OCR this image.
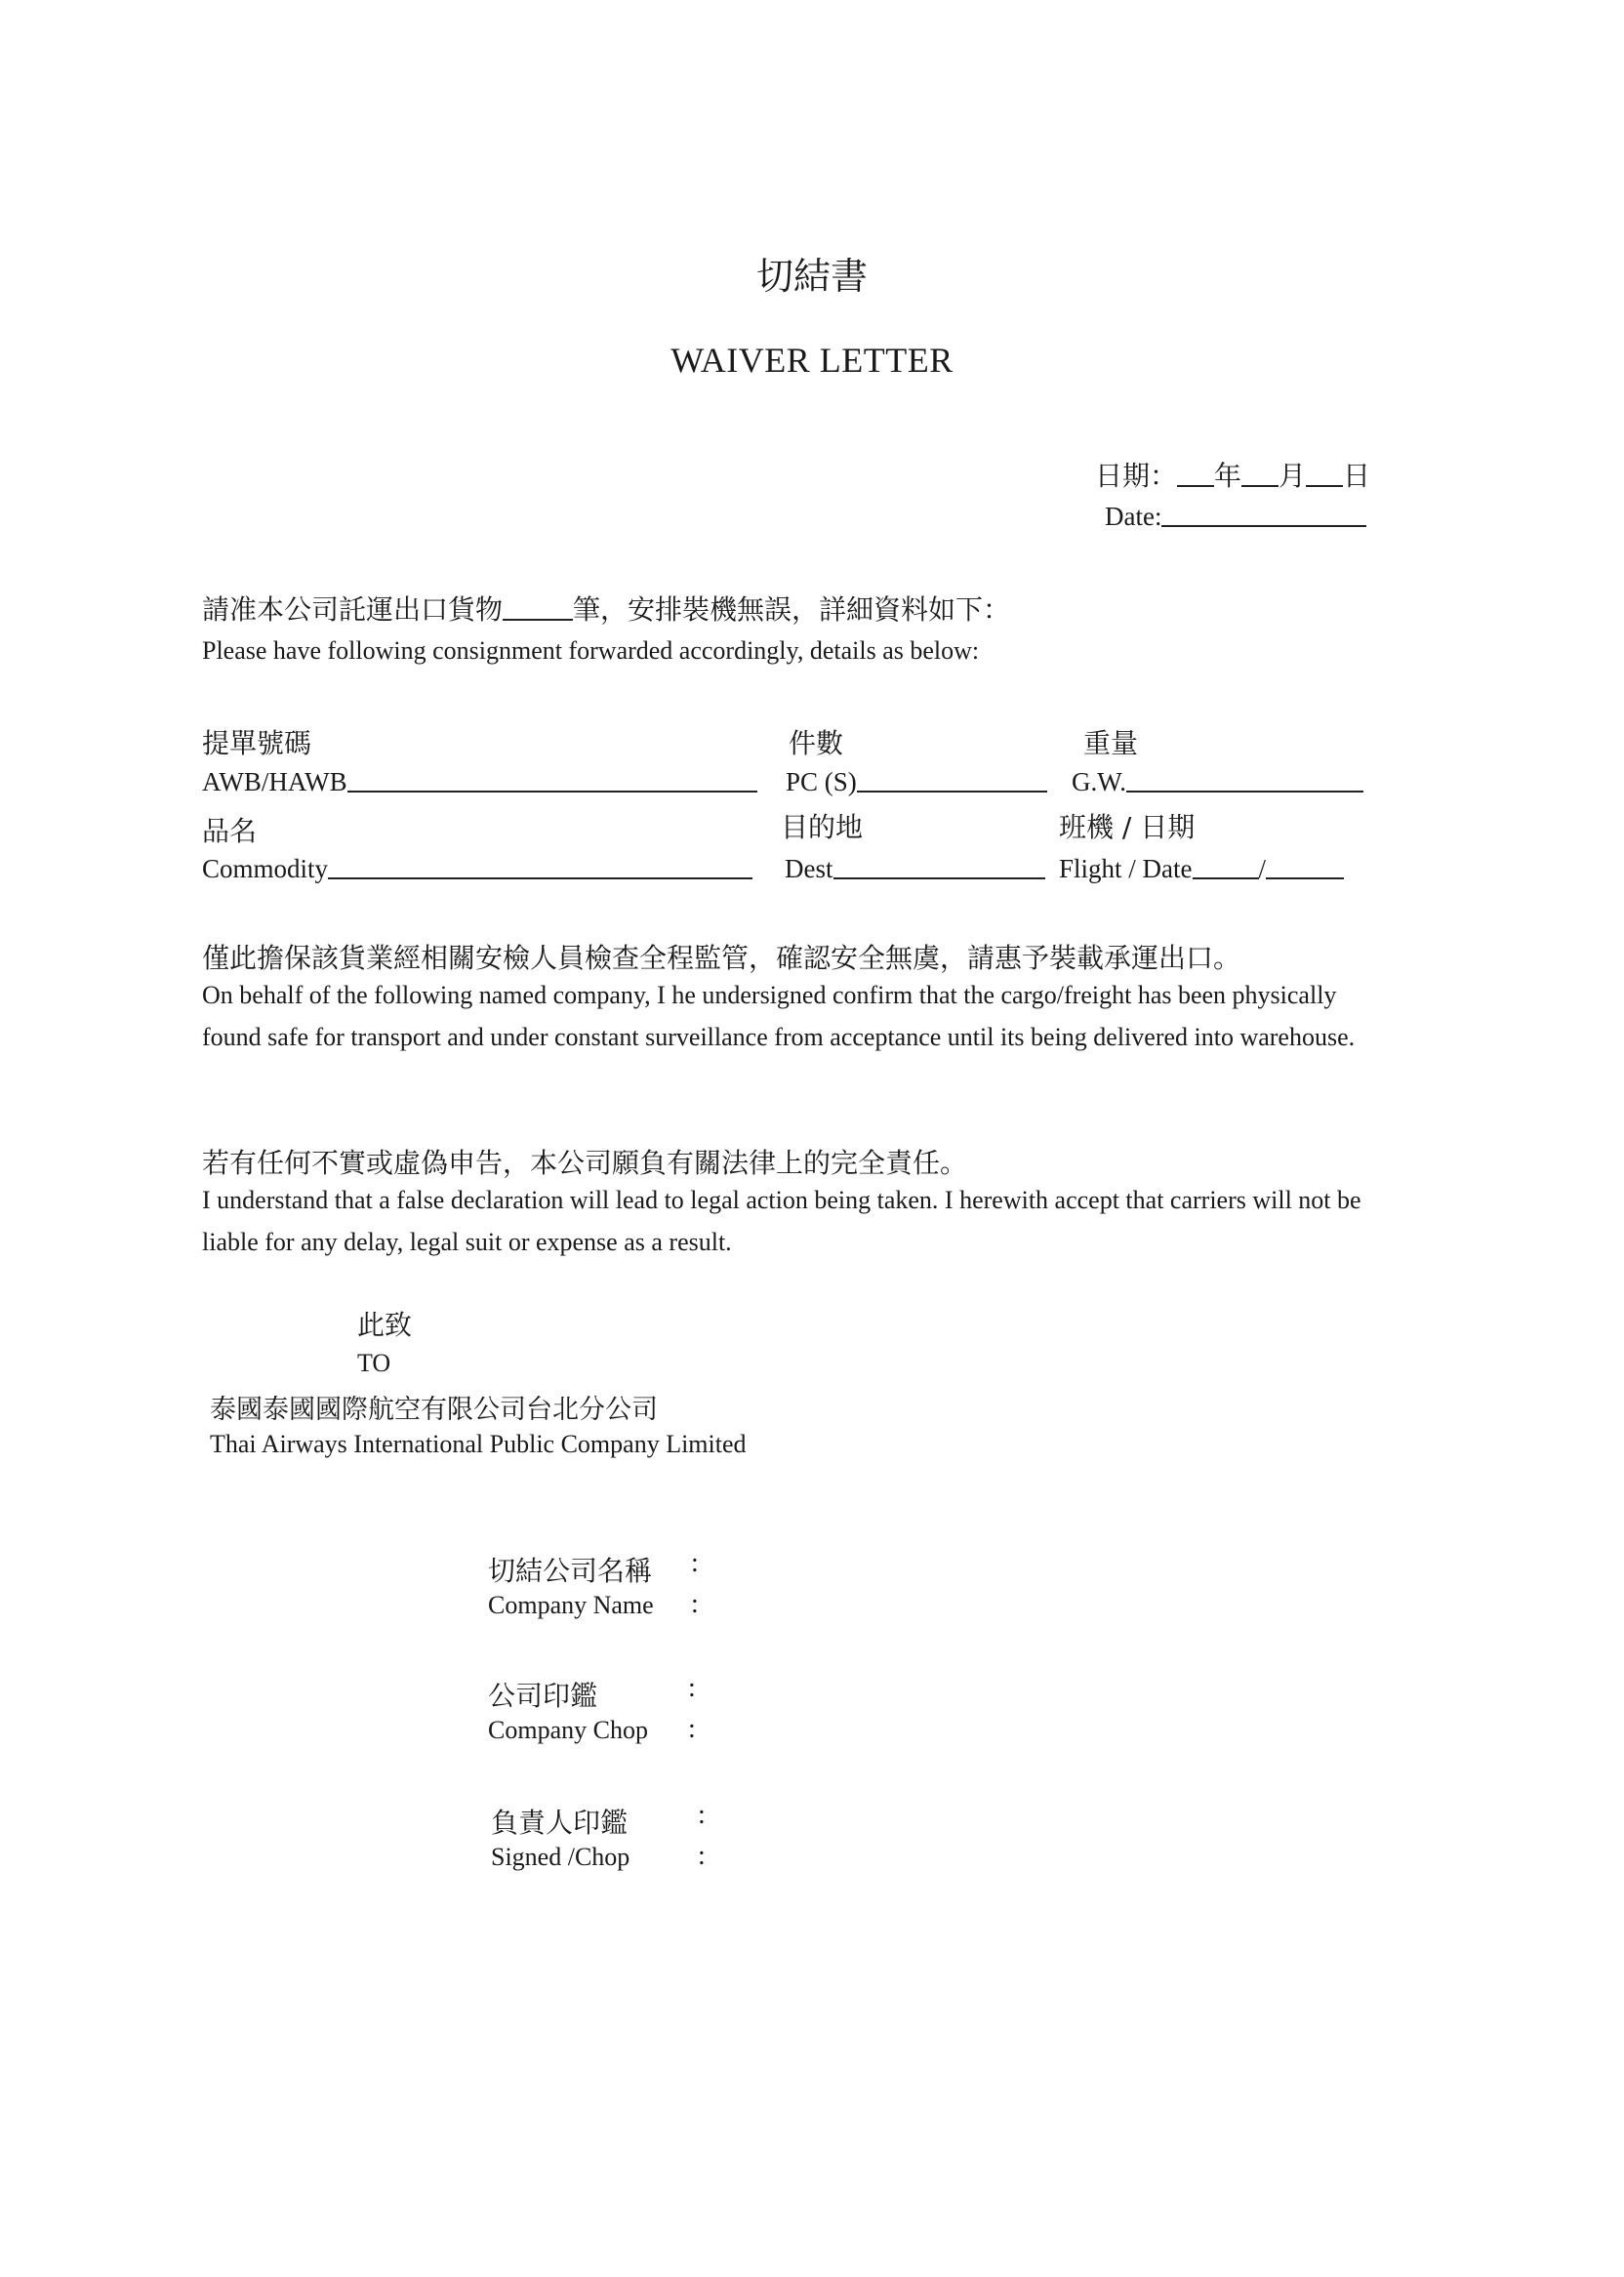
切結書
WAIVER LETTER
日期： 年 月 日
Date:
請准本公司託運出口貨物	筆，安排裝機無誤，詳細資料如下：
Please have following consignment forwarded accordingly, details as below:
提單號碼	件數	重量
AWB/HAWB	PC (S)	G.W.
品名	目的地	班機 / 日期
Commodity	Dest	Flight / Date	/
僅此擔保該貨業經相關安檢人員檢查全程監管，確認安全無虞，請惠予裝載承運出口。
On behalf of the following named company, I he undersigned confirm that the cargo/freight has been physically found safe for transport and under constant surveillance from acceptance until its being delivered into warehouse.
若有任何不實或虛偽申告，本公司願負有關法律上的完全責任。
I understand that a false declaration will lead to legal action being taken. I herewith accept that carriers will not be liable for any delay, legal suit or expense as a result.
此致
TO
泰國泰國國際航空有限公司台北分公司
Thai Airways International Public Company Limited
切結公司名稱 :
Company Name :
公司印鑑	:
Company Chop :
負責人印鑑	:
Signed /Chop :
